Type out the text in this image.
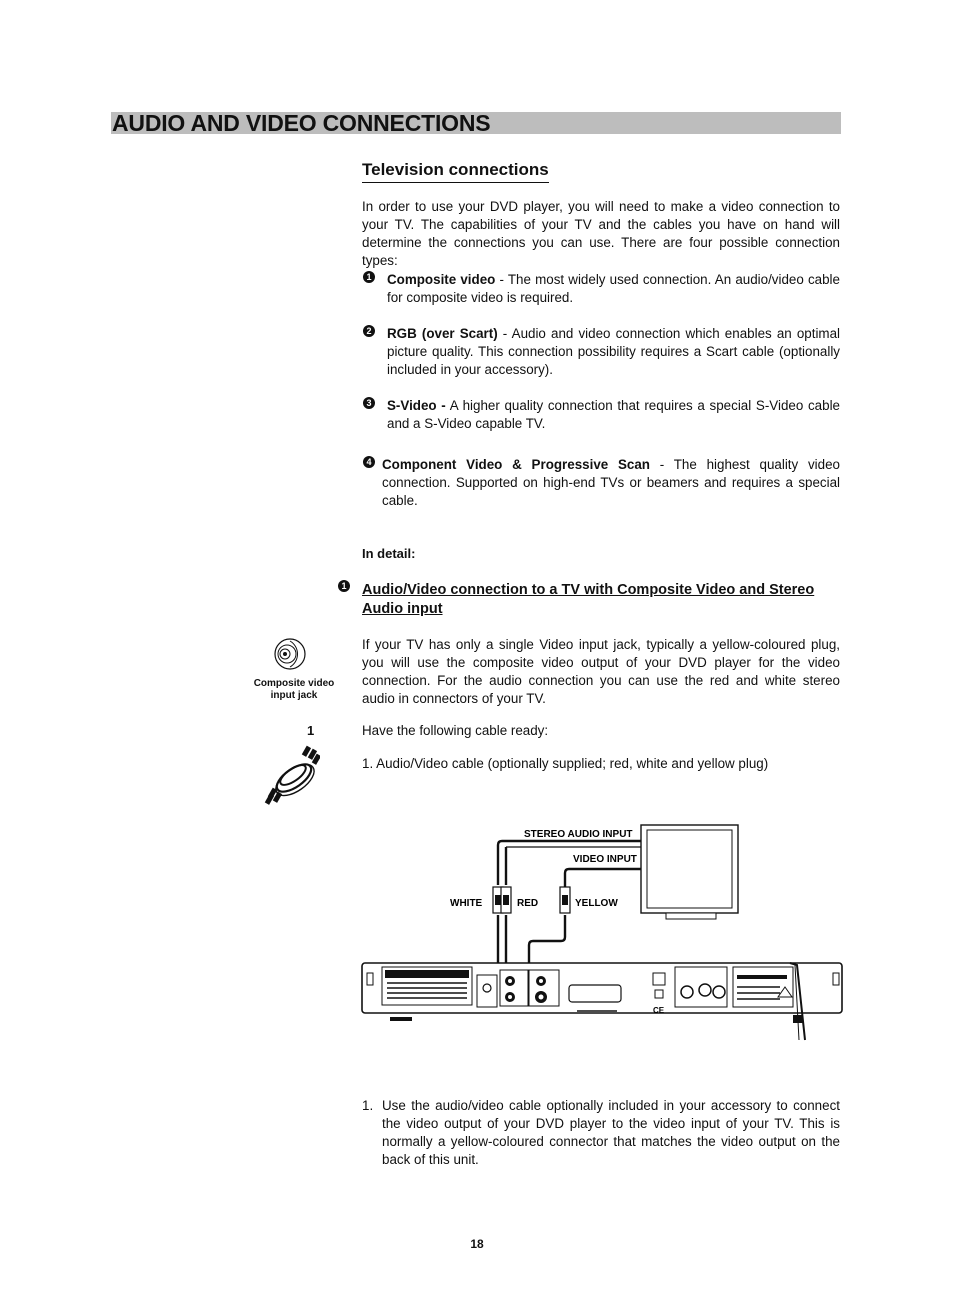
AUDIO AND VIDEO CONNECTIONS
Television connections
In order to use your DVD player, you will need to make a video connection to your TV. The capabilities of your TV and the cables you have on hand will determine the connections you can use. There are four possible connection types:
1 Composite video - The most widely used connection. An audio/video cable for composite video is required.
2 RGB (over Scart) - Audio and video connection which enables an optimal picture quality. This connection possibility requires a Scart cable (optionally included in your accessory).
3 S-Video - A higher quality connection that requires a special S-Video cable and a S-Video capable TV.
4 Component Video & Progressive Scan - The highest quality video connection. Supported on high-end TVs or beamers and requires a special cable.
In detail:
1 Audio/Video connection to a TV with Composite Video and Stereo Audio input
Composite video input jack
If your TV has only a single Video input jack, typically a yellow-coloured plug, you will use the composite video output of your DVD player for the video connection. For the audio connection you can use the red and white stereo audio in connectors of your TV.
1	Have the following cable ready:
1. Audio/Video cable (optionally supplied; red, white and yellow plug)
STEREO AUDIO INPUT
VIDEO INPUT
WHITE	RED	YELLOW
CE
1. Use the audio/video cable optionally included in your accessory to connect the video output of your DVD player to the video input of your TV. This is normally a yellow-coloured connector that matches the video output on the back of this unit.
18
